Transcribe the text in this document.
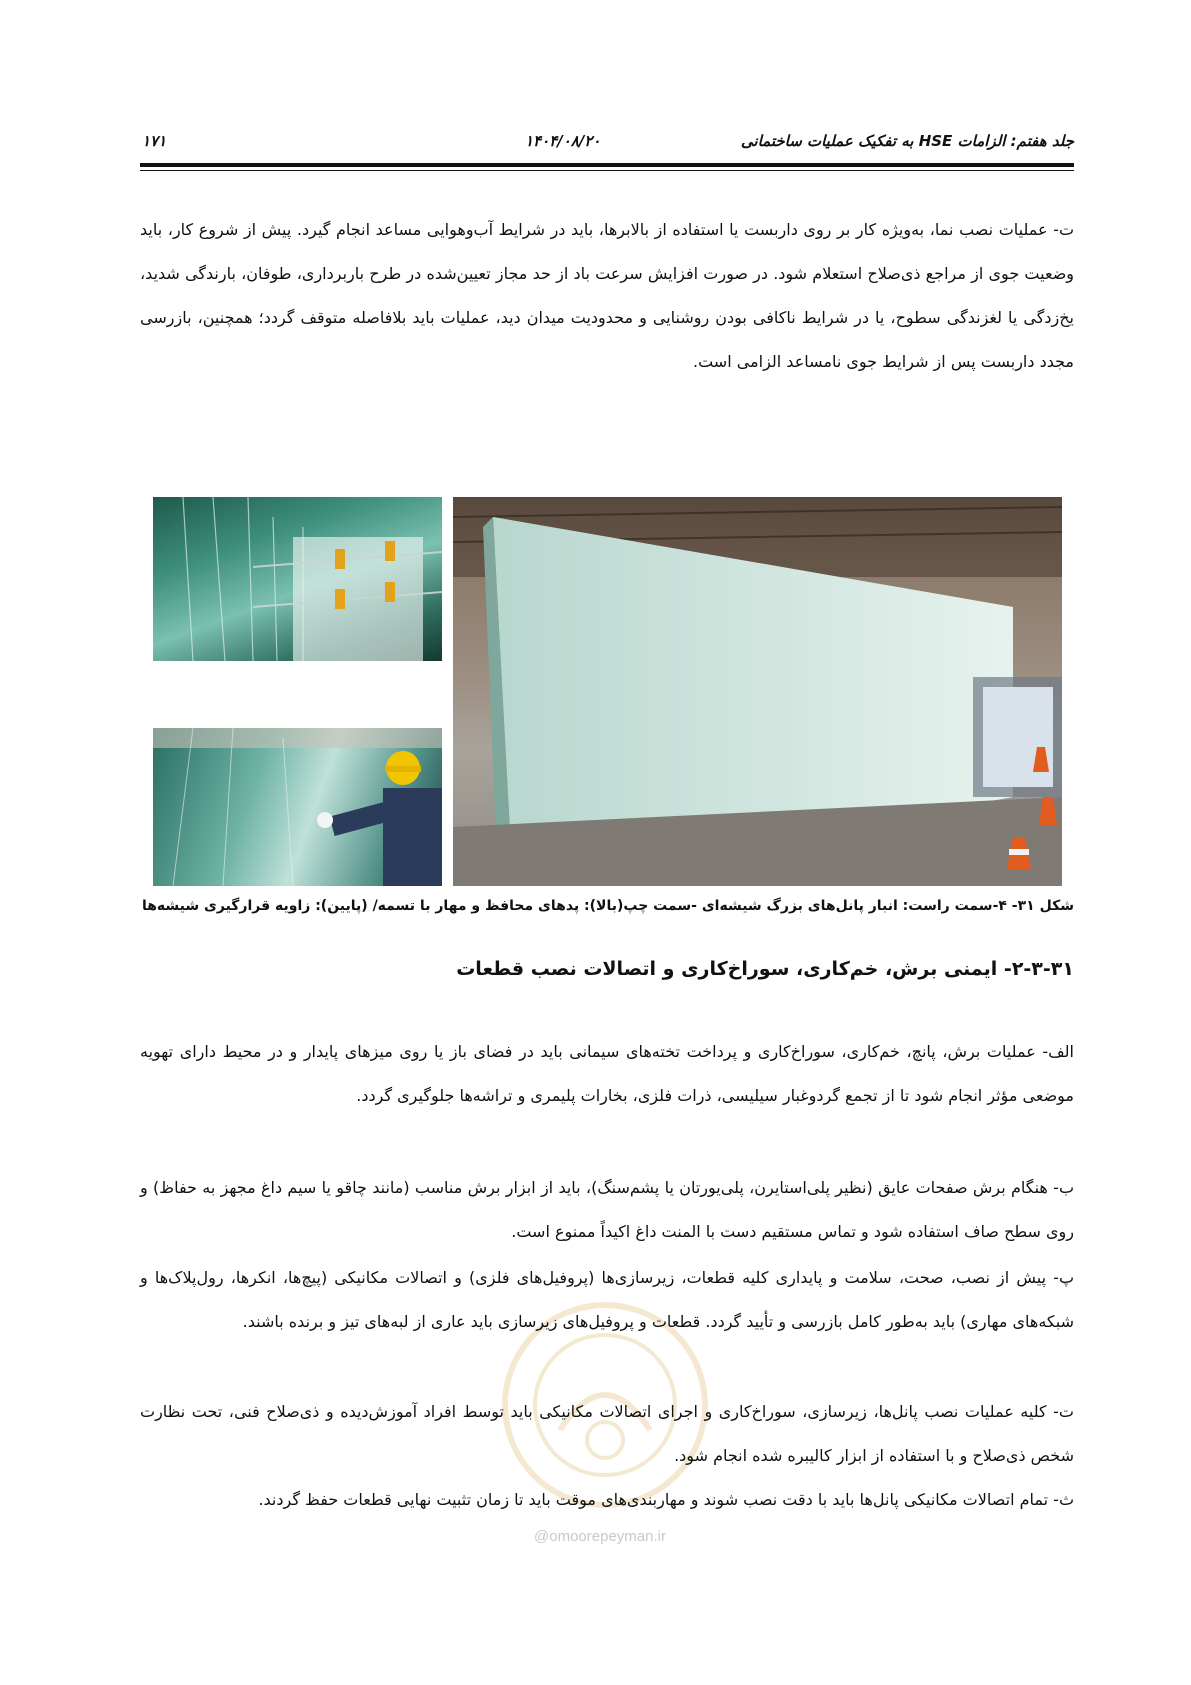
جلد هفتم: الزامات HSE به تفکیک عملیات ساختمانی
۱۴۰۴/۰۸/۲۰
۱۷۱

ت- عملیات نصب نما، به‌ویژه کار بر روی داربست یا استفاده از بالابرها، باید در شرایط آب‌وهوایی مساعد انجام گیرد. پیش از شروع کار، باید وضعیت جوی از مراجع ذی‌صلاح استعلام شود. در صورت افزایش سرعت باد از حد مجاز تعیین‌شده در طرح باربرداری، طوفان، بارندگی شدید، یخ‌زدگی یا لغزندگی سطوح، یا در شرایط ناکافی بودن روشنایی و محدودیت میدان دید، عملیات باید بلافاصله متوقف گردد؛ همچنین، بازرسی مجدد داربست پس از شرایط جوی نامساعد الزامی است.

شکل ۳۱- ۴-سمت راست: انبار پانل‌های بزرگ شیشه‌ای -سمت چپ(بالا): پدهای محافظ و مهار با تسمه/ (پایین): زاویه قرارگیری شیشه‌ها
۲-۳-۳۱- ایمنی برش، خم‌کاری، سوراخ‌کاری و اتصالات نصب قطعات

الف- عملیات برش، پانچ، خم‌کاری، سوراخ‌کاری و پرداخت تخته‌های سیمانی باید در فضای باز یا روی میزهای پایدار و در محیط دارای تهویه موضعی مؤثر انجام شود تا از تجمع گردوغبار سیلیسی، ذرات فلزی، بخارات پلیمری و تراشه‌ها جلوگیری گردد.

ب- هنگام برش صفحات عایق (نظیر پلی‌استایرن، پلی‌یورتان یا پشم‌سنگ)، باید از ابزار برش مناسب (مانند چاقو یا سیم داغ مجهز به حفاظ) و روی سطح صاف استفاده شود و تماس مستقیم دست با المنت داغ اکیداً ممنوع است.

پ- پیش از نصب، صحت، سلامت و پایداری کلیه قطعات، زیرسازی‌ها (پروفیل‌های فلزی) و اتصالات مکانیکی (پیچ‌ها، انکرها، رول‌پلاک‌ها و شبکه‌های مهاری) باید به‌طور کامل بازرسی و تأیید گردد. قطعات و پروفیل‌های زیرسازی باید عاری از لبه‌های تیز و برنده باشند.

ت- کلیه عملیات نصب پانل‌ها، زیرسازی، سوراخ‌کاری و اجرای اتصالات مکانیکی باید توسط افراد آموزش‌دیده و ذی‌صلاح فنی، تحت نظارت شخص ذی‌صلاح و با استفاده از ابزار کالیبره شده انجام شود.

ث- تمام اتصالات مکانیکی پانل‌ها باید با دقت نصب شوند و مهاربندی‌های موقت باید تا زمان تثبیت نهایی قطعات حفظ گردند.

@omoorepeyman.ir
